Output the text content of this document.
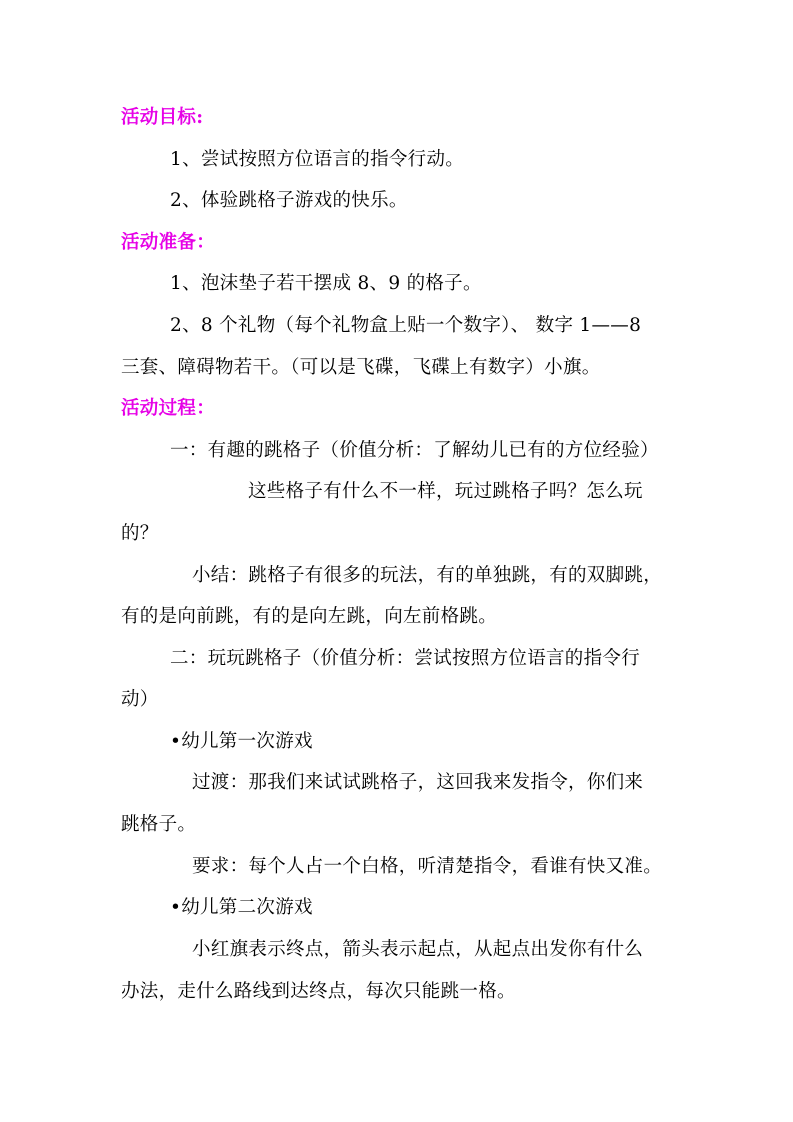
活动目标:
1、尝试按照方位语言的指令行动。
2、体验跳格子游戏的快乐。
活动准备：
1、泡沫垫子若干摆成 8、9 的格子。
2、8 个礼物（每个礼物盒上贴一个数字）、 数字 1——8
三套、障碍物若干。（可以是飞碟，飞碟上有数字）小旗。
活动过程：
一：有趣的跳格子（价值分析：了解幼儿已有的方位经验）
这些格子有什么不一样，玩过跳格子吗？怎么玩
的？
小结：跳格子有很多的玩法，有的单独跳，有的双脚跳，
有的是向前跳，有的是向左跳，向左前格跳。
二：玩玩跳格子（价值分析：尝试按照方位语言的指令行
动）
•幼儿第一次游戏
过渡：那我们来试试跳格子，这回我来发指令，你们来
跳格子。
要求：每个人占一个白格，听清楚指令，看谁有快又准。
•幼儿第二次游戏
小红旗表示终点，箭头表示起点，从起点出发你有什么
办法，走什么路线到达终点，每次只能跳一格。
